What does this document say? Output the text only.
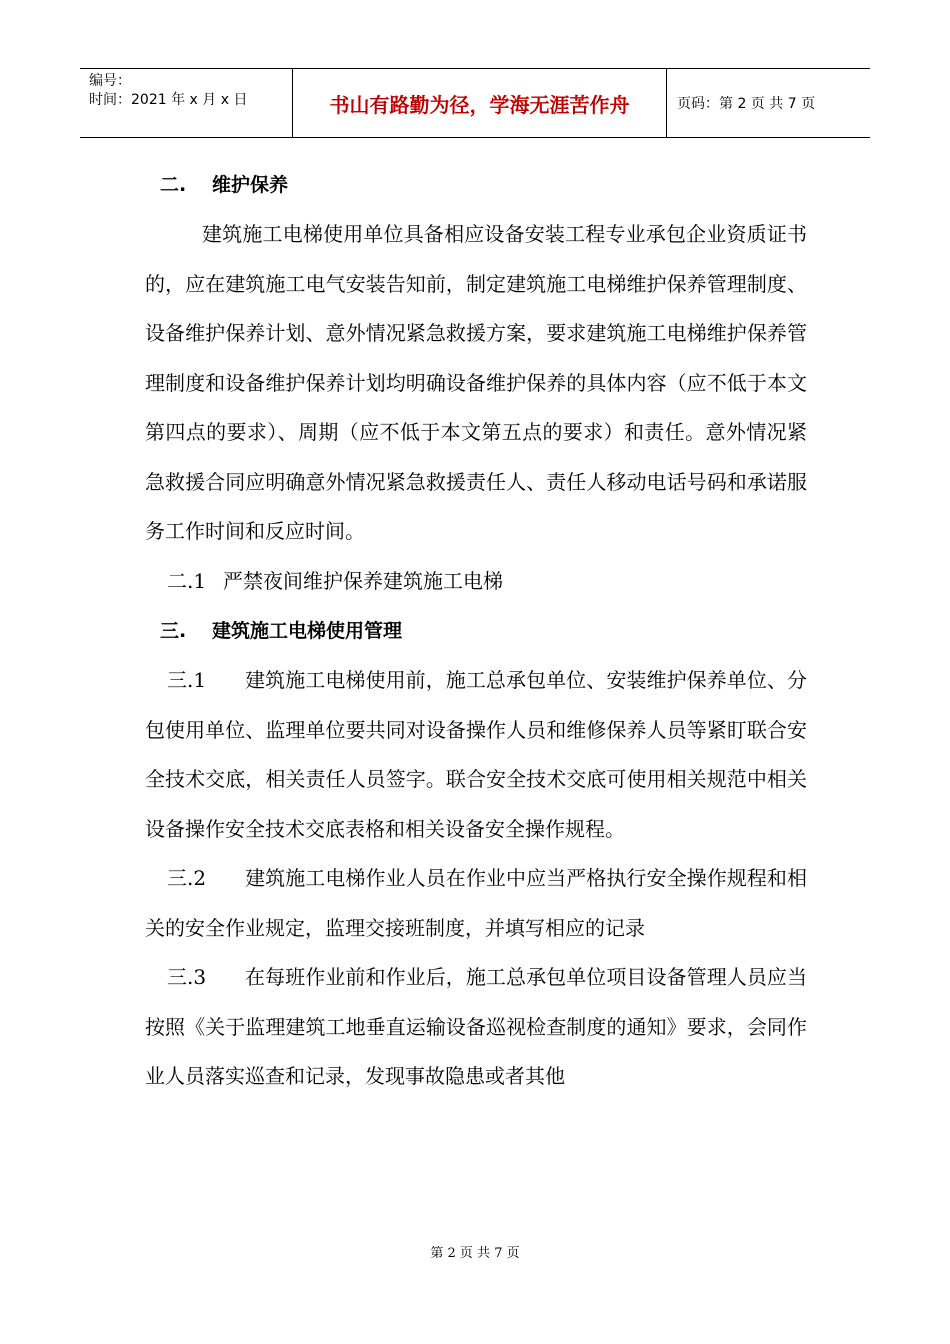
编号：
时间：2021 年 x 月 x 日	书山有路勤为径，学海无涯苦作舟	页码：第 2 页 共 7 页
二. 维护保养

建筑施工电梯使用单位具备相应设备安装工程专业承包企业资质证书的，应在建筑施工电气安装告知前，制定建筑施工电梯维护保养管理制度、设备维护保养计划、意外情况紧急救援方案，要求建筑施工电梯维护保养管理制度和设备维护保养计划均明确设备维护保养的具体内容（应不低于本文第四点的要求）、周期（应不低于本文第五点的要求）和责任。意外情况紧急救援合同应明确意外情况紧急救援责任人、责任人移动电话号码和承诺服务工作时间和反应时间。

二.1 严禁夜间维护保养建筑施工电梯

三. 建筑施工电梯使用管理

三.1 建筑施工电梯使用前，施工总承包单位、安装维护保养单位、分包使用单位、监理单位要共同对设备操作人员和维修保养人员等紧盯联合安全技术交底，相关责任人员签字。联合安全技术交底可使用相关规范中相关设备操作安全技术交底表格和相关设备安全操作规程。

三.2 建筑施工电梯作业人员在作业中应当严格执行安全操作规程和相关的安全作业规定，监理交接班制度，并填写相应的记录

三.3 在每班作业前和作业后，施工总承包单位项目设备管理人员应当按照《关于监理建筑工地垂直运输设备巡视检查制度的通知》要求，会同作业人员落实巡查和记录，发现事故隐患或者其他

第 2 页 共 7 页
